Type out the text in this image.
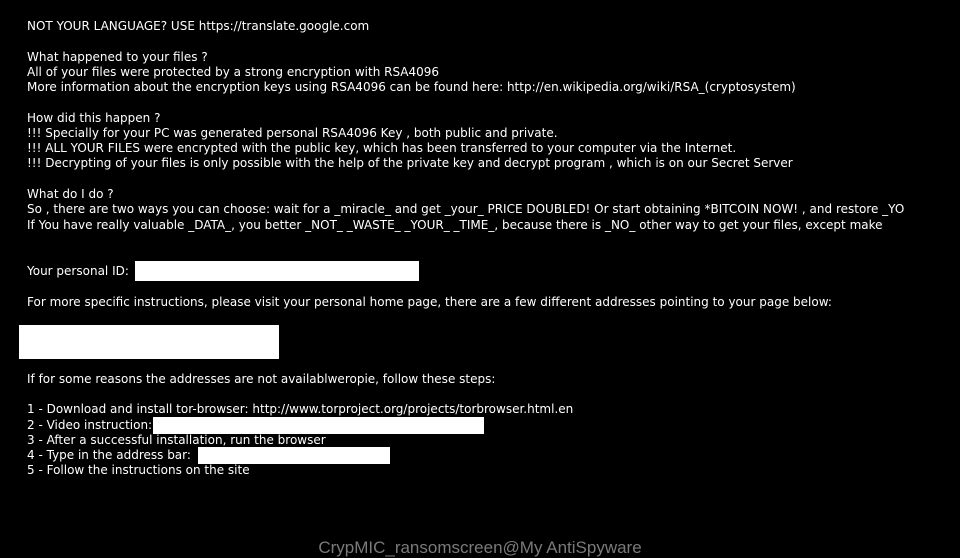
NOT YOUR LANGUAGE? USE https://translate.google.com
What happened to your files ?
All of your files were protected by a strong encryption with RSA4096
More information about the encryption keys using RSA4096 can be found here: http://en.wikipedia.org/wiki/RSA_(cryptosystem)
How did this happen ?
!!! Specially for your PC was generated personal RSA4096 Key , both public and private.
!!! ALL YOUR FILES were encrypted with the public key, which has been transferred to your computer via the Internet.
!!! Decrypting of your files is only possible with the help of the private key and decrypt program , which is on our Secret Server
What do I do ?
So , there are two ways you can choose: wait for a _miracle_ and get _your_ PRICE DOUBLED! Or start obtaining *BITCOIN NOW! , and restore _YO
If You have really valuable _DATA_, you better _NOT_ _WASTE_ _YOUR_ _TIME_, because there is _NO_ other way to get your files, except make
Your personal ID:
For more specific instructions, please visit your personal home page, there are a few different addresses pointing to your page below:
If for some reasons the addresses are not availablweropie, follow these steps:
1 - Download and install tor-browser: http://www.torproject.org/projects/torbrowser.html.en
2 - Video instruction:
3 - After a successful installation, run the browser
4 - Type in the address bar:
5 - Follow the instructions on the site
CrypMIC_ransomscreen@My AntiSpyware
